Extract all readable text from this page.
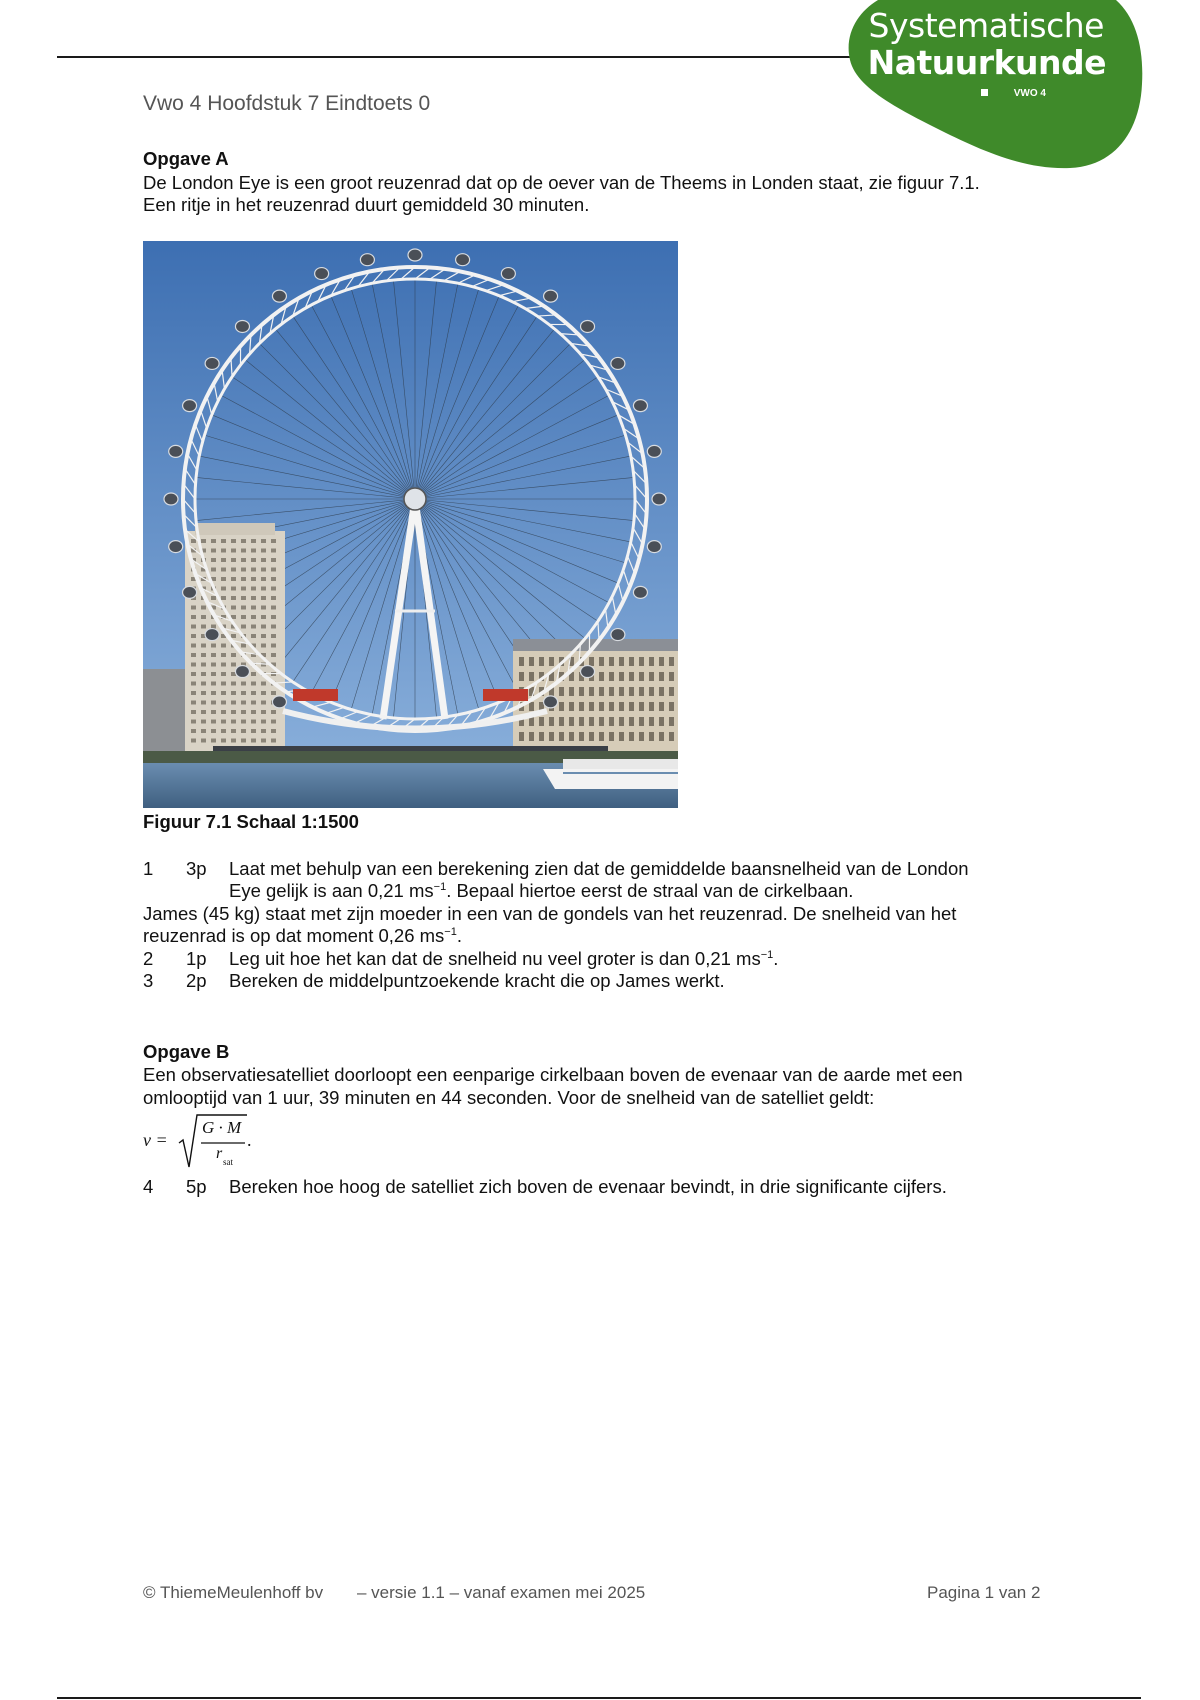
Systematische
Natuurkunde
VWO 4
Vwo 4 Hoofdstuk 7 Eindtoets 0
Opgave A
De London Eye is een groot reuzenrad dat op de oever van de Theems in Londen staat, zie figuur 7.1.
Een ritje in het reuzenrad duurt gemiddeld 30 minuten.
Figuur 7.1 Schaal 1:1500
1 3p Laat met behulp van een berekening zien dat de gemiddelde baansnelheid van de London
Eye gelijk is aan 0,21 $ms^{-1}$. Bepaal hiertoe eerst de straal van de cirkelbaan.
James (45 kg) staat met zijn moeder in een van de gondels van het reuzenrad. De snelheid van het
reuzenrad is op dat moment 0,26 $ms^{-1}$.
2 1p Leg uit hoe het kan dat de snelheid nu veel groter is dan 0,21 $ms^{-1}$.
3 2p Bereken de middelpuntzoekende kracht die op James werkt.
Opgave B
Een observatiesatelliet doorloopt een eenparige cirkelbaan boven de evenaar van de aarde met een
omlooptijd van 1 uur, 39 minuten en 44 seconden. Voor de snelheid van de satelliet geldt:
v =
G · M
r sat
.
4 5p Bereken hoe hoog de satelliet zich boven de evenaar bevindt, in drie significante cijfers.
© ThiemeMeulenhoff bv – versie 1.1 – vanaf examen mei 2025	Pagina 1 van 2
